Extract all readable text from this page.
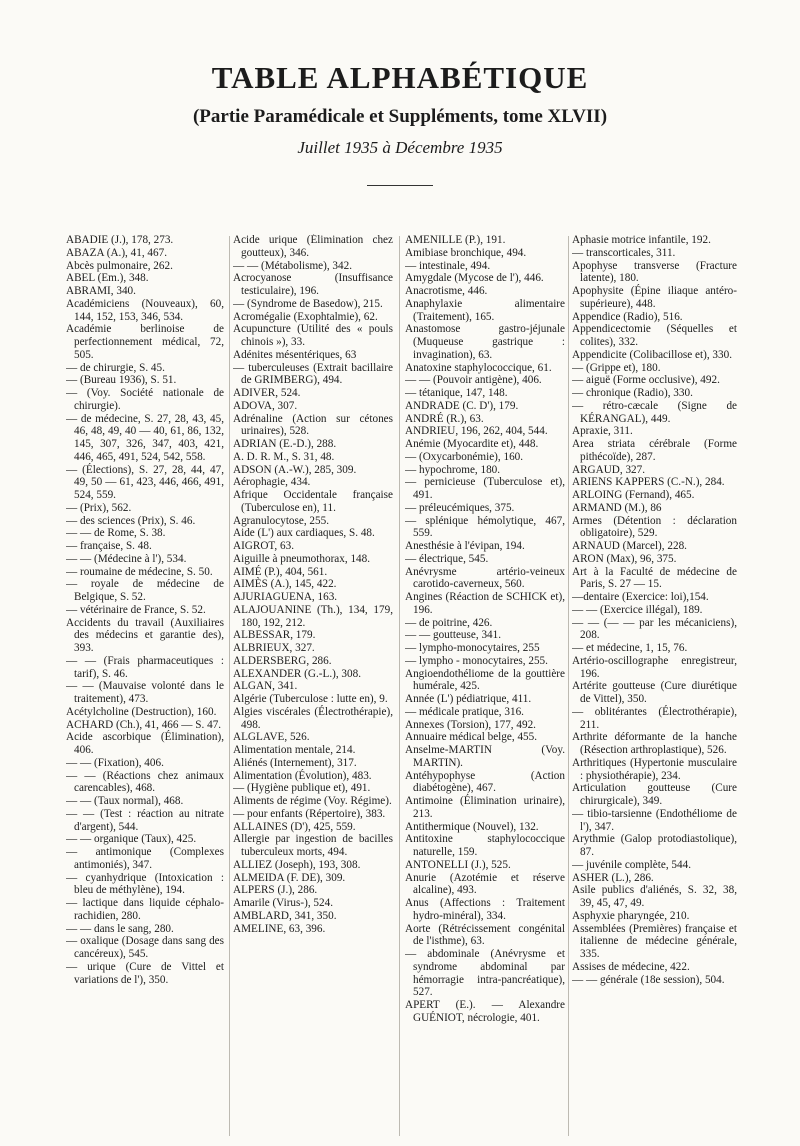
TABLE ALPHABÉTIQUE
(Partie Paramédicale et Suppléments, tome XLVII)
Juillet 1935 à Décembre 1935
ABADIE (J.), 178, 273.
ABAZA (A.), 41, 467.
Abcès pulmonaire, 262.
ABEL (Em.), 348.
ABRAMI, 340.
Académiciens (Nouveaux), 60, 144, 152, 153, 346, 534.
Académie berlinoise de perfectionnement médical, 72, 505.
— de chirurgie, S. 45.
— (Bureau 1936), S. 51.
— (Voy. Société nationale de chirurgie).
— de médecine, S. 27, 28, 43, 45, 46, 48, 49, 40 — 40, 61, 86, 132, 145, 307, 326, 347, 403, 421, 446, 465, 491, 524, 542, 558.
— (Élections), S. 27, 28, 44, 47, 49, 50 — 61, 423, 446, 466, 491, 524, 559.
— (Prix), 562.
— des sciences (Prix), S. 46.
— — de Rome, S. 38.
— française, S. 48.
— — (Médecine à l'), 534.
— roumaine de médecine, S. 50.
— royale de médecine de Belgique, S. 52.
— vétérinaire de France, S. 52.
Accidents du travail (Auxiliaires des médecins et garantie des), 393.
— — (Frais pharmaceutiques : tarif), S. 46.
— — (Mauvaise volonté dans le traitement), 473.
Acétylcholine (Destruction), 160.
ACHARD (Ch.), 41, 466 — S. 47.
Acide ascorbique (Élimination), 406.
— — (Fixation), 406.
— — (Réactions chez animaux carencables), 468.
— — (Taux normal), 468.
— — (Test : réaction au nitrate d'argent), 544.
— — organique (Taux), 425.
— antimonique (Complexes antimoniés), 347.
— cyanhydrique (Intoxication : bleu de méthylène), 194.
— lactique dans liquide céphalo-rachidien, 280.
— — dans le sang, 280.
— oxalique (Dosage dans sang des cancéreux), 545.
— urique (Cure de Vittel et variations de l'), 350.
Acide urique (Élimination chez goutteux), 346.
— — (Métabolisme), 342.
Acrocyanose (Insuffisance testiculaire), 196.
— (Syndrome de Basedow), 215.
Acromégalie (Exophtalmie), 62.
Acupuncture (Utilité des « pouls chinois »), 33.
Adénites mésentériques, 63
— tuberculeuses (Extrait bacillaire de GRIMBERG), 494.
ADIVER, 524.
ADOVA, 307.
Adrénaline (Action sur cétones urinaires), 528.
ADRIAN (E.-D.), 288.
A. D. R. M., S. 31, 48.
ADSON (A.-W.), 285, 309.
Aérophagie, 434.
Afrique Occidentale française (Tuberculose en), 11.
Agranulocytose, 255.
Aide (L') aux cardiaques, S. 48.
AIGROT, 63.
Aiguille à pneumothorax, 148.
AIMÉ (P.), 404, 561.
AIMÈS (A.), 145, 422.
AJURIAGUENA, 163.
ALAJOUANINE (Th.), 134, 179, 180, 192, 212.
ALBESSAR, 179.
ALBRIEUX, 327.
ALDERSBERG, 286.
ALEXANDER (G.-L.), 308.
ALGAN, 341.
Algérie (Tuberculose : lutte en), 9.
Algies viscérales (Électrothérapie), 498.
ALGLAVE, 526.
Alimentation mentale, 214.
Aliénés (Internement), 317.
Alimentation (Évolution), 483.
— (Hygiène publique et), 491.
Aliments de régime (Voy. Régime).
— pour enfants (Répertoire), 383.
ALLAINES (D'), 425, 559.
Allergie par ingestion de bacilles tuberculeux morts, 494.
ALLIEZ (Joseph), 193, 308.
ALMEIDA (F. DE), 309.
ALPERS (J.), 286.
Amarile (Virus-), 524.
AMBLARD, 341, 350.
AMELINE, 63, 396.
AMENILLE (P.), 191.
Amibiase bronchique, 494.
— intestinale, 494.
Amygdale (Mycose de l'), 446.
Anacrotisme, 446.
Anaphylaxie alimentaire (Traitement), 165.
Anastomose gastro-jéjunale (Muqueuse gastrique : invagination), 63.
Anatoxine staphylococcique, 61.
— — (Pouvoir antigène), 406.
— tétanique, 147, 148.
ANDRADE (C. D'), 179.
ANDRÉ (R.), 63.
ANDRIEU, 196, 262, 404, 544.
Anémie (Myocardite et), 448.
— (Oxycarbonémie), 160.
— hypochrome, 180.
— pernicieuse (Tuberculose et), 491.
— préleucémiques, 375.
— splénique hémolytique, 467, 559.
Anesthésie à l'évipan, 194.
— électrique, 545.
Anévrysme artério-veineux carotido-caverneux, 560.
Angines (Réaction de SCHICK et), 196.
— de poitrine, 426.
— — goutteuse, 341.
— lympho-monocytaires, 255
— lympho - monocytaires, 255.
Angioendothéliome de la gouttière humérale, 425.
Année (L') pédiatrique, 411.
— médicale pratique, 316.
Annexes (Torsion), 177, 492.
Annuaire médical belge, 455.
Anselme-MARTIN (Voy. MARTIN).
Antéhypophyse (Action diabétogène), 467.
Antimoine (Élimination urinaire), 213.
Antithermique (Nouvel), 132.
Antitoxine staphylococcique naturelle, 159.
ANTONELLI (J.), 525.
Anurie (Azotémie et réserve alcaline), 493.
Anus (Affections : Traitement hydro-minéral), 334.
Aorte (Rétrécissement congénital de l'isthme), 63.
— abdominale (Anévrysme et syndrome abdominal par hémorragie intra-pancréatique), 527.
APERT (E.). — Alexandre GUÉNIOT, nécrologie, 401.
Aphasie motrice infantile, 192.
— transcorticales, 311.
Apophyse transverse (Fracture latente), 180.
Apophysite (Épine iliaque antéro-supérieure), 448.
Appendice (Radio), 516.
Appendicectomie (Séquelles et colites), 332.
Appendicite (Colibacillose et), 330.
— (Grippe et), 180.
— aiguë (Forme occlusive), 492.
— chronique (Radio), 330.
— rétro-cæcale (Signe de KÉRANGAL), 449.
Apraxie, 311.
Area striata cérébrale (Forme pithécoïde), 287.
ARGAUD, 327.
ARIENS KAPPERS (C.-N.), 284.
ARLOING (Fernand), 465.
ARMAND (M.), 86
Armes (Détention : déclaration obligatoire), 529.
ARNAUD (Marcel), 228.
ARON (Max), 96, 375.
Art à la Faculté de médecine de Paris, S. 27 — 15.
—dentaire (Exercice: loi),154.
— — (Exercice illégal), 189.
— — (— — par les mécaniciens), 208.
— et médecine, 1, 15, 76.
Artério-oscillographe enregistreur, 196.
Artérite goutteuse (Cure diurétique de Vittel), 350.
— oblitérantes (Électrothérapie), 211.
Arthrite déformante de la hanche (Résection arthroplastique), 526.
Arthritiques (Hypertonie musculaire : physiothérapie), 234.
Articulation goutteuse (Cure chirurgicale), 349.
— tibio-tarsienne (Endothéliome de l'), 347.
Arythmie (Galop protodiastolique), 87.
— juvénile complète, 544.
ASHER (L.), 286.
Asile publics d'aliénés, S. 32, 38, 39, 45, 47, 49.
Asphyxie pharyngée, 210.
Assemblées (Premières) française et italienne de médecine générale, 335.
Assises de médecine, 422.
— — générale (18e session), 504.
